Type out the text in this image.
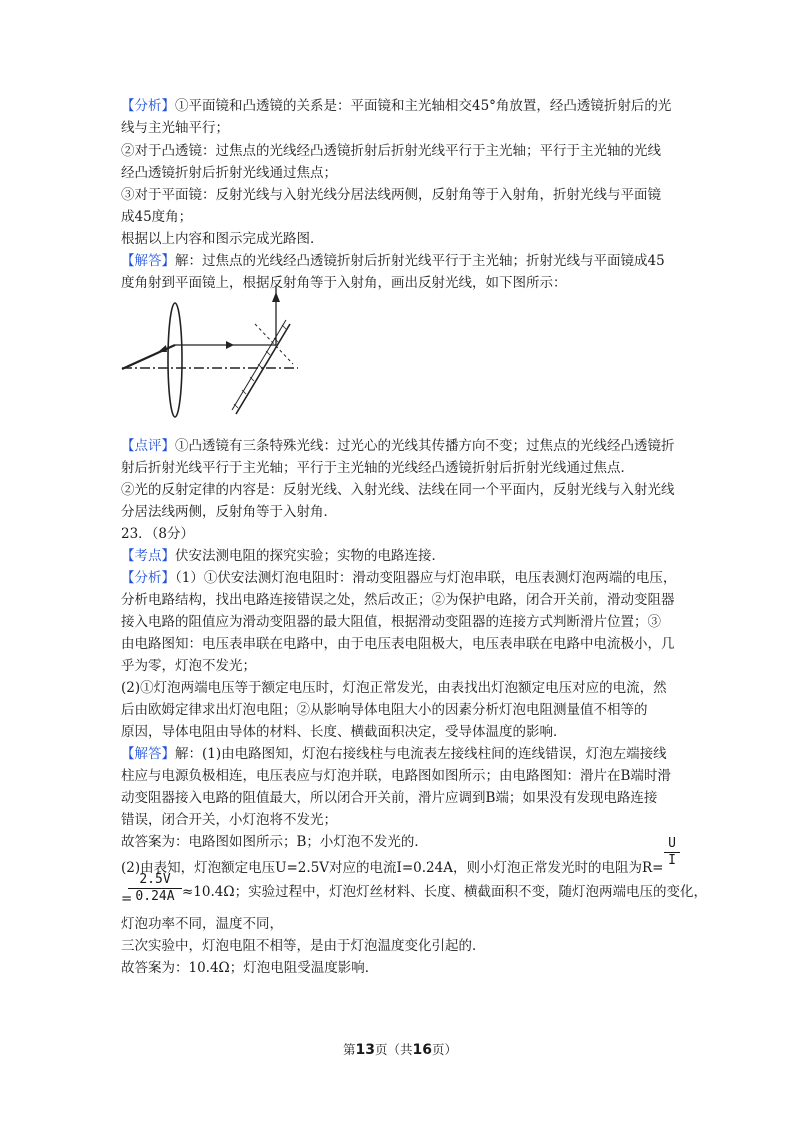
【分析】①平面镜和凸透镜的关系是：平面镜和主光轴相交45°角放置，经凸透镜折射后的光
线与主光轴平行；
②对于凸透镜：过焦点的光线经凸透镜折射后折射光线平行于主光轴；平行于主光轴的光线
经凸透镜折射后折射光线通过焦点；
③对于平面镜：反射光线与入射光线分居法线两侧，反射角等于入射角，折射光线与平面镜
成45度角；
根据以上内容和图示完成光路图．
【解答】解：过焦点的光线经凸透镜折射后折射光线平行于主光轴；折射光线与平面镜成45
度角射到平面镜上，根据反射角等于入射角，画出反射光线，如下图所示：
【点评】①凸透镜有三条特殊光线：过光心的光线其传播方向不变；过焦点的光线经凸透镜折
射后折射光线平行于主光轴；平行于主光轴的光线经凸透镜折射后折射光线通过焦点．
②光的反射定律的内容是：反射光线、入射光线、法线在同一个平面内，反射光线与入射光线
分居法线两侧，反射角等于入射角．
23．（8分）
【考点】伏安法测电阻的探究实验；实物的电路连接．
【分析】（1）①伏安法测灯泡电阻时：滑动变阻器应与灯泡串联，电压表测灯泡两端的电压，
分析电路结构，找出电路连接错误之处，然后改正；②为保护电路，闭合开关前，滑动变阻器
接入电路的阻值应为滑动变阻器的最大阻值，根据滑动变阻器的连接方式判断滑片位置；③
由电路图知：电压表串联在电路中，由于电压表电阻极大，电压表串联在电路中电流极小，几
乎为零，灯泡不发光；
(2)①灯泡两端电压等于额定电压时，灯泡正常发光，由表找出灯泡额定电压对应的电流，然
后由欧姆定律求出灯泡电阻；②从影响导体电阻大小的因素分析灯泡电阻测量值不相等的
原因，导体电阻由导体的材料、长度、横截面积决定，受导体温度的影响．
【解答】解：(1)由电路图知，灯泡右接线柱与电流表左接线柱间的连线错误，灯泡左端接线
柱应与电源负极相连，电压表应与灯泡并联，电路图如图所示；由电路图知：滑片在B端时滑
动变阻器接入电路的阻值最大，所以闭合开关前，滑片应调到B端；如果没有发现电路连接
错误，闭合开关，小灯泡将不发光；
故答案为：电路图如图所示；B；小灯泡不发光的．
(2)由表知，灯泡额定电压U=2.5V对应的电流I=0.24A，则小灯泡正常发光时的电阻为$R= \frac{U}{I}$
=
$\frac{2.5V}{0.24A} \approx 10.4\Omega$；实验过程中，灯泡灯丝材料、长度、横截面积不变，随灯泡两端电压的变化，
灯泡功率不同，温度不同，
三次实验中，灯泡电阻不相等，是由于灯泡温度变化引起的．
故答案为：10.4Ω；灯泡电阻受温度影响．
第13页（共16页）
